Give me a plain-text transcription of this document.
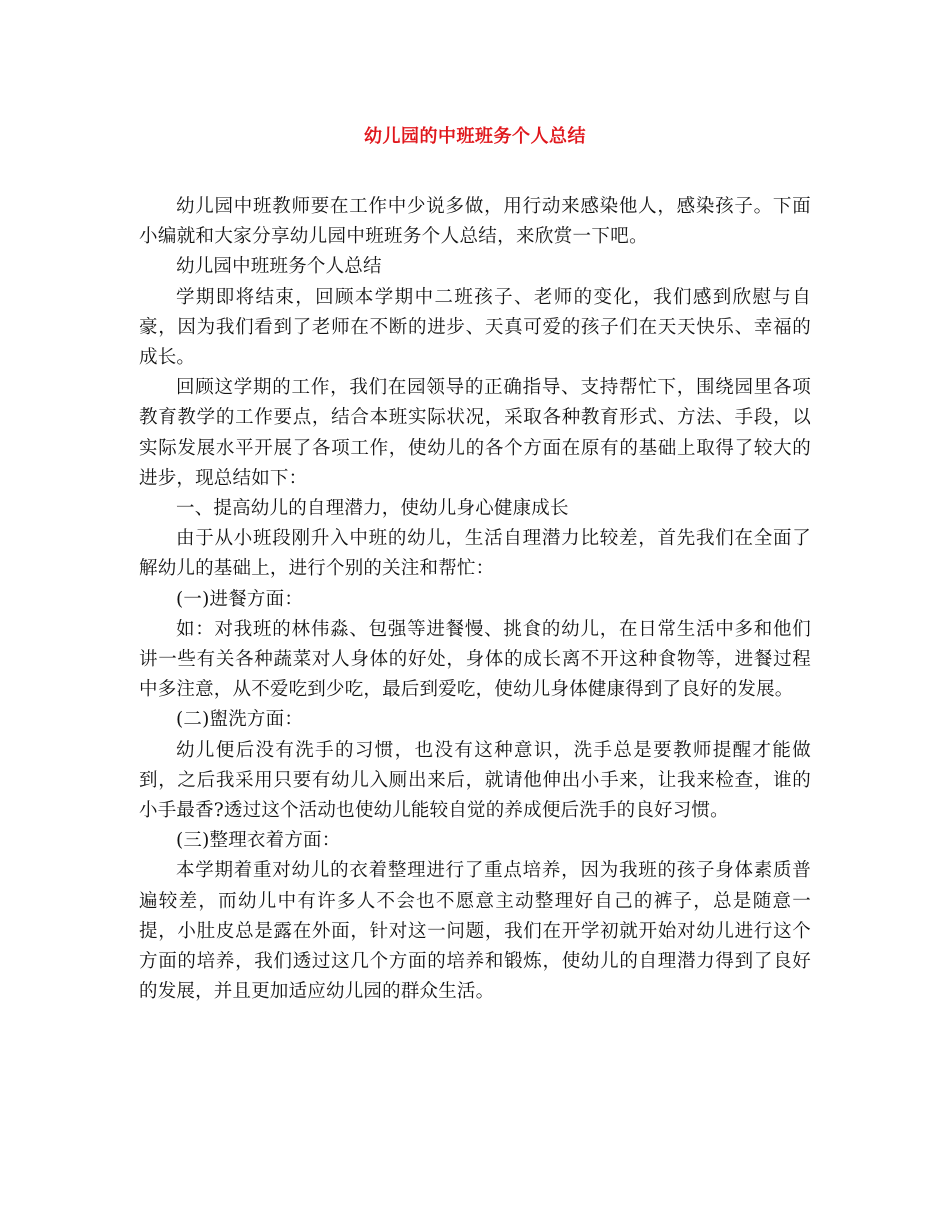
幼儿园的中班班务个人总结

幼儿园中班教师要在工作中少说多做，用行动来感染他人，感染孩子。下面小编就和大家分享幼儿园中班班务个人总结，来欣赏一下吧。

幼儿园中班班务个人总结

学期即将结束，回顾本学期中二班孩子、老师的变化，我们感到欣慰与自豪，因为我们看到了老师在不断的进步、天真可爱的孩子们在天天快乐、幸福的成长。

回顾这学期的工作，我们在园领导的正确指导、支持帮忙下，围绕园里各项教育教学的工作要点，结合本班实际状况，采取各种教育形式、方法、手段，以实际发展水平开展了各项工作，使幼儿的各个方面在原有的基础上取得了较大的进步，现总结如下：

一、提高幼儿的自理潜力，使幼儿身心健康成长

由于从小班段刚升入中班的幼儿，生活自理潜力比较差，首先我们在全面了解幼儿的基础上，进行个别的关注和帮忙：

(一)进餐方面：

如：对我班的林伟淼、包强等进餐慢、挑食的幼儿，在日常生活中多和他们讲一些有关各种蔬菜对人身体的好处，身体的成长离不开这种食物等，进餐过程中多注意，从不爱吃到少吃，最后到爱吃，使幼儿身体健康得到了良好的发展。

(二)盥洗方面：

幼儿便后没有洗手的习惯，也没有这种意识，洗手总是要教师提醒才能做到，之后我采用只要有幼儿入厕出来后，就请他伸出小手来，让我来检查，谁的小手最香?透过这个活动也使幼儿能较自觉的养成便后洗手的良好习惯。

(三)整理衣着方面：

本学期着重对幼儿的衣着整理进行了重点培养，因为我班的孩子身体素质普遍较差，而幼儿中有许多人不会也不愿意主动整理好自己的裤子，总是随意一提，小肚皮总是露在外面，针对这一问题，我们在开学初就开始对幼儿进行这个方面的培养，我们透过这几个方面的培养和锻炼，使幼儿的自理潜力得到了良好的发展，并且更加适应幼儿园的群众生活。
